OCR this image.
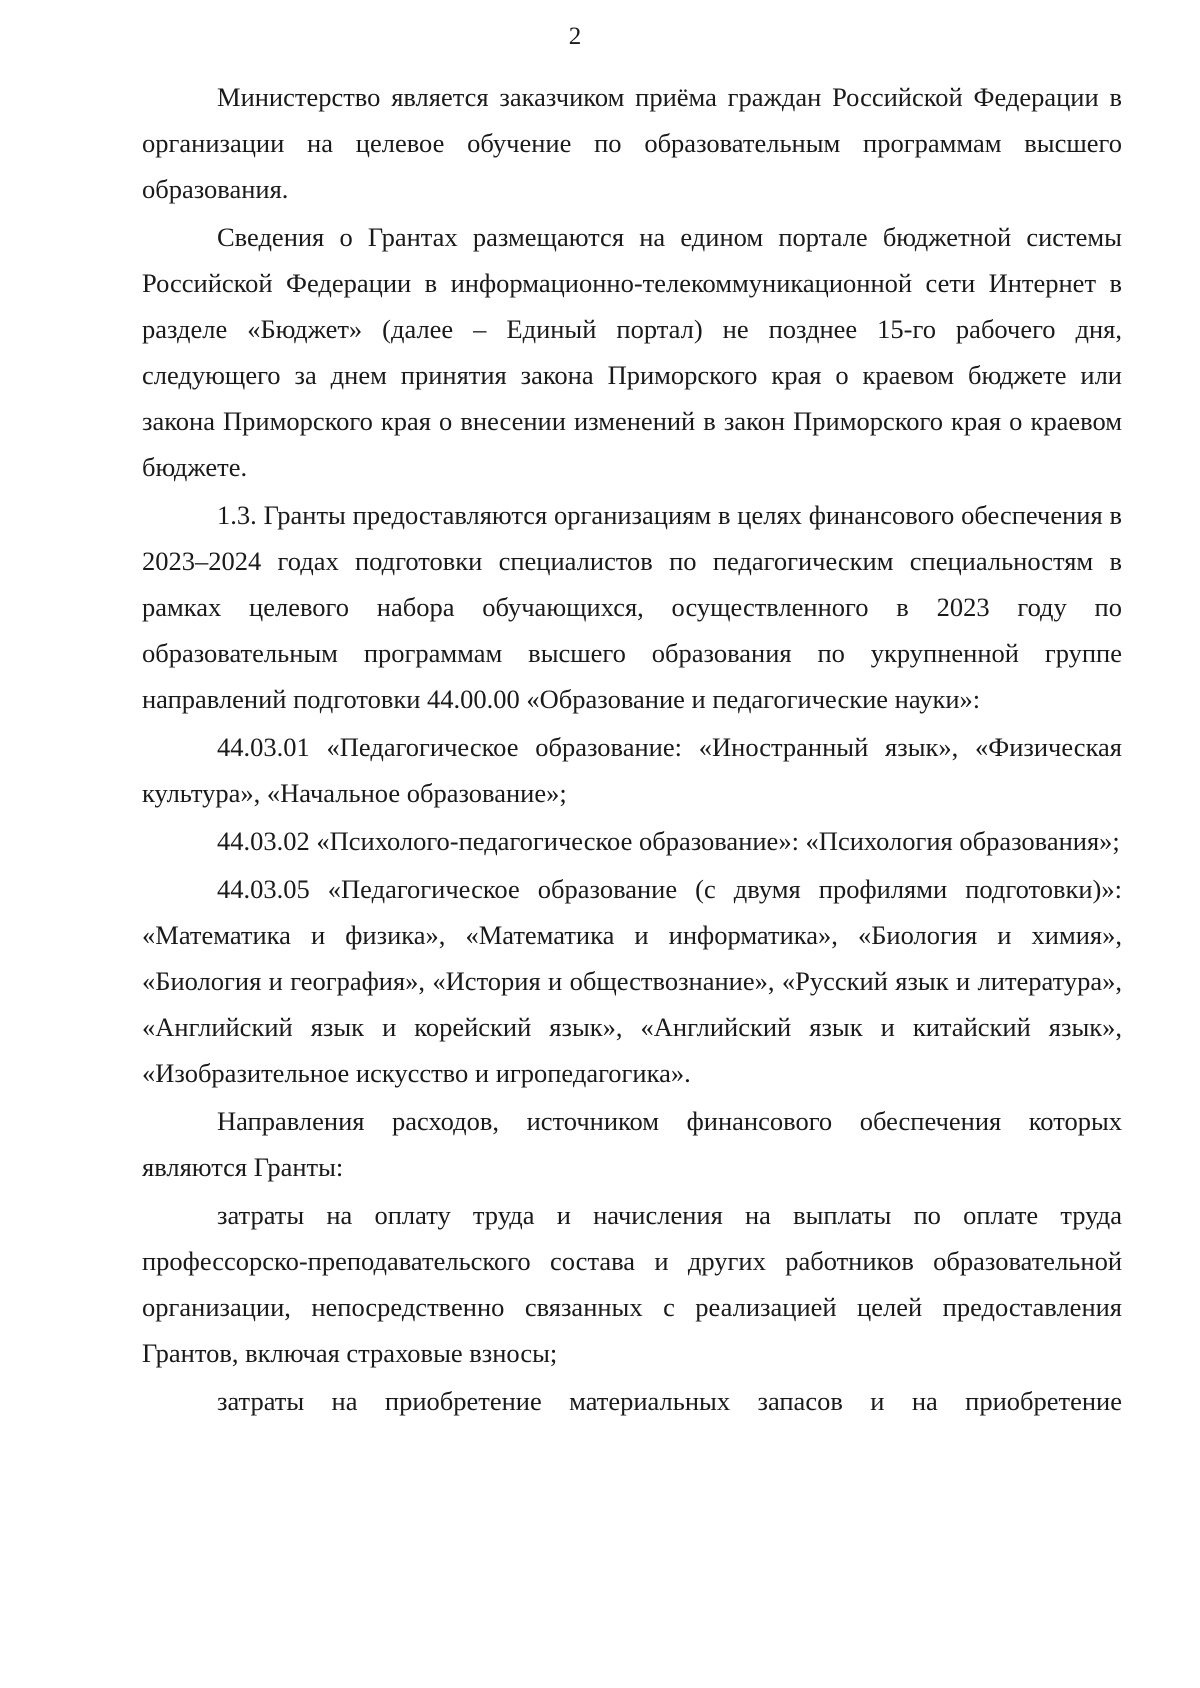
2

Министерство является заказчиком приёма граждан Российской Федерации в организации на целевое обучение по образовательным программам высшего образования.

Сведения о Грантах размещаются на едином портале бюджетной системы Российской Федерации в информационно-телекоммуникационной сети Интернет в разделе «Бюджет» (далее – Единый портал) не позднее 15-го рабочего дня, следующего за днем принятия закона Приморского края о краевом бюджете или закона Приморского края о внесении изменений в закон Приморского края о краевом бюджете.

1.3. Гранты предоставляются организациям в целях финансового обеспечения в 2023–2024 годах подготовки специалистов по педагогическим специальностям в рамках целевого набора обучающихся, осуществленного в 2023 году по образовательным программам высшего образования по укрупненной группе направлений подготовки 44.00.00 «Образование и педагогические науки»:

44.03.01 «Педагогическое образование: «Иностранный язык», «Физическая культура», «Начальное образование»;

44.03.02 «Психолого-педагогическое образование»: «Психология образования»;

44.03.05 «Педагогическое образование (с двумя профилями подготовки)»: «Математика и физика», «Математика и информатика», «Биология и химия», «Биология и география», «История и обществознание», «Русский язык и литература», «Английский язык и корейский язык», «Английский язык и китайский язык», «Изобразительное искусство и игропедагогика».

Направления расходов, источником финансового обеспечения которых являются Гранты:

затраты на оплату труда и начисления на выплаты по оплате труда профессорско-преподавательского состава и других работников образовательной организации, непосредственно связанных с реализацией целей предоставления Грантов, включая страховые взносы;

затраты на приобретение материальных запасов и на приобретение
